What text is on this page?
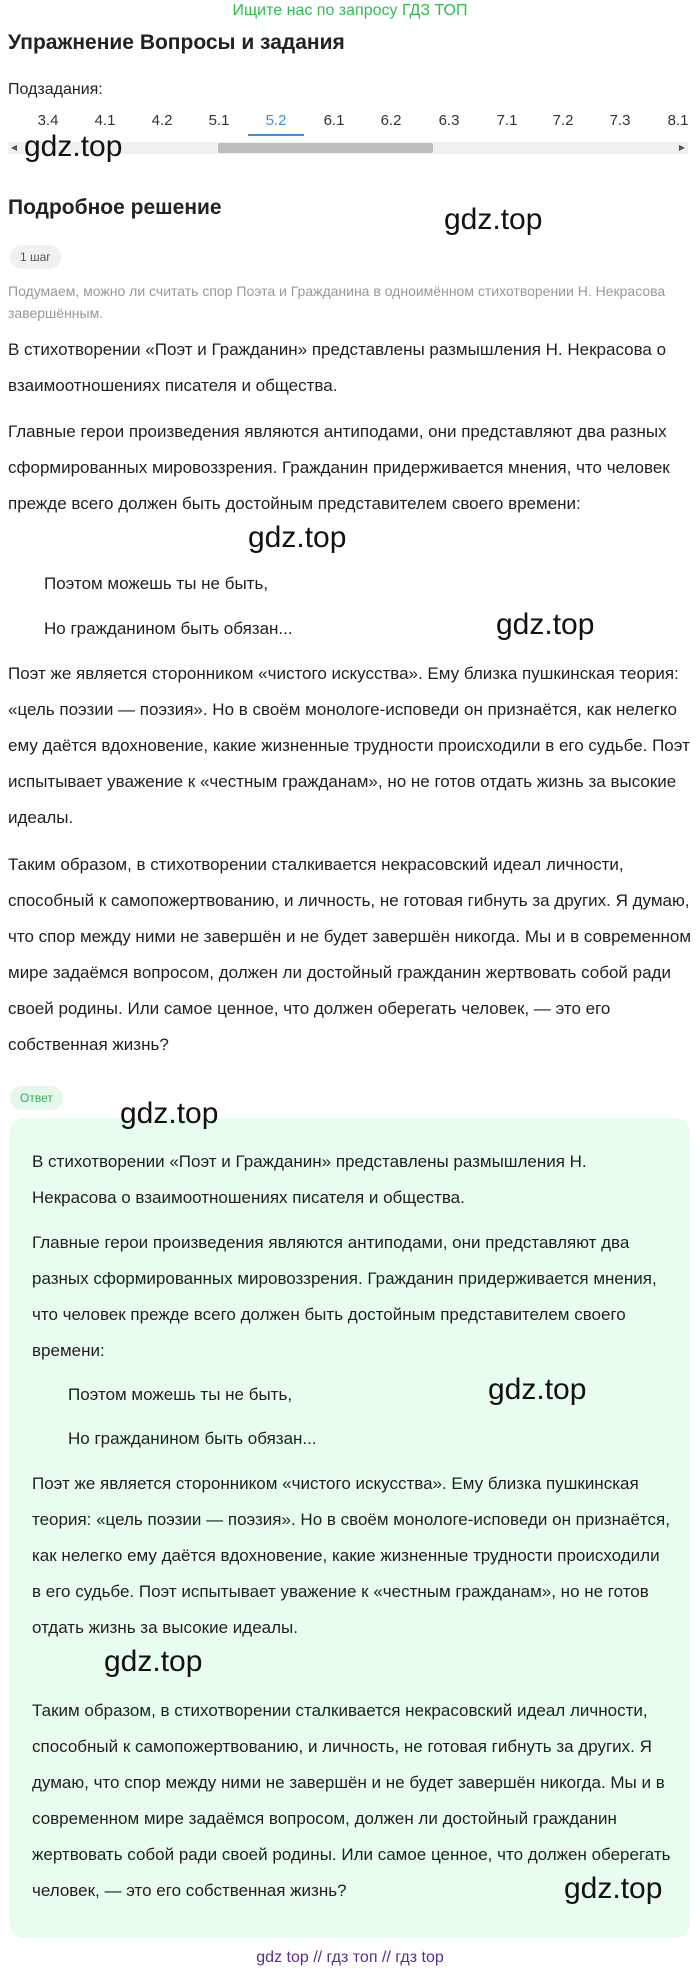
Ищите нас по запросу ГДЗ ТОП
Упражнение Вопросы и задания
Подзадания:
3.4	4.1	4.2	5.1	5.2	6.1	6.2	6.3	7.1	7.2	7.3	8.1
◀	▶
gdz.top
Подробное решение	gdz.top
1 шаг
Подумаем, можно ли считать спор Поэта и Гражданина в одноимённом стихотворении Н. Некрасова завершённым.
В стихотворении «Поэт и Гражданин» представлены размышления Н. Некрасова о взаимоотношениях писателя и общества.
Главные герои произведения являются антиподами, они представляют два разных сформированных мировоззрения. Гражданин придерживается мнения, что человек прежде всего должен быть достойным представителем своего времени:
gdz.top
Поэтом можешь ты не быть,
Но гражданином быть обязан...	gdz.top
Поэт же является сторонником «чистого искусства». Ему близка пушкинская теория: «цель поэзии — поэзия». Но в своём монологе-исповеди он признаётся, как нелегко ему даётся вдохновение, какие жизненные трудности происходили в его судьбе. Поэт испытывает уважение к «честным гражданам», но не готов отдать жизнь за высокие идеалы.
Таким образом, в стихотворении сталкивается некрасовский идеал личности, способный к самопожертвованию, и личность, не готовая гибнуть за других. Я думаю, что спор между ними не завершён и не будет завершён никогда. Мы и в современном мире задаёмся вопросом, должен ли достойный гражданин жертвовать собой ради своей родины. Или самое ценное, что должен оберегать человек, — это его собственная жизнь?
Ответ	gdz.top
В стихотворении «Поэт и Гражданин» представлены размышления Н. Некрасова о взаимоотношениях писателя и общества.
Главные герои произведения являются антиподами, они представляют два разных сформированных мировоззрения. Гражданин придерживается мнения, что человек прежде всего должен быть достойным представителем своего времени:
Поэтом можешь ты не быть,	gdz.top
Но гражданином быть обязан...
Поэт же является сторонником «чистого искусства». Ему близка пушкинская теория: «цель поэзии — поэзия». Но в своём монологе-исповеди он признаётся, как нелегко ему даётся вдохновение, какие жизненные трудности происходили в его судьбе. Поэт испытывает уважение к «честным гражданам», но не готов отдать жизнь за высокие идеалы.
gdz.top
Таким образом, в стихотворении сталкивается некрасовский идеал личности, способный к самопожертвованию, и личность, не готовая гибнуть за других. Я думаю, что спор между ними не завершён и не будет завершён никогда. Мы и в современном мире задаёмся вопросом, должен ли достойный гражданин жертвовать собой ради своей родины. Или самое ценное, что должен оберегать человек, — это его собственная жизнь?	gdz.top
gdz top // гдз топ // гдз top
